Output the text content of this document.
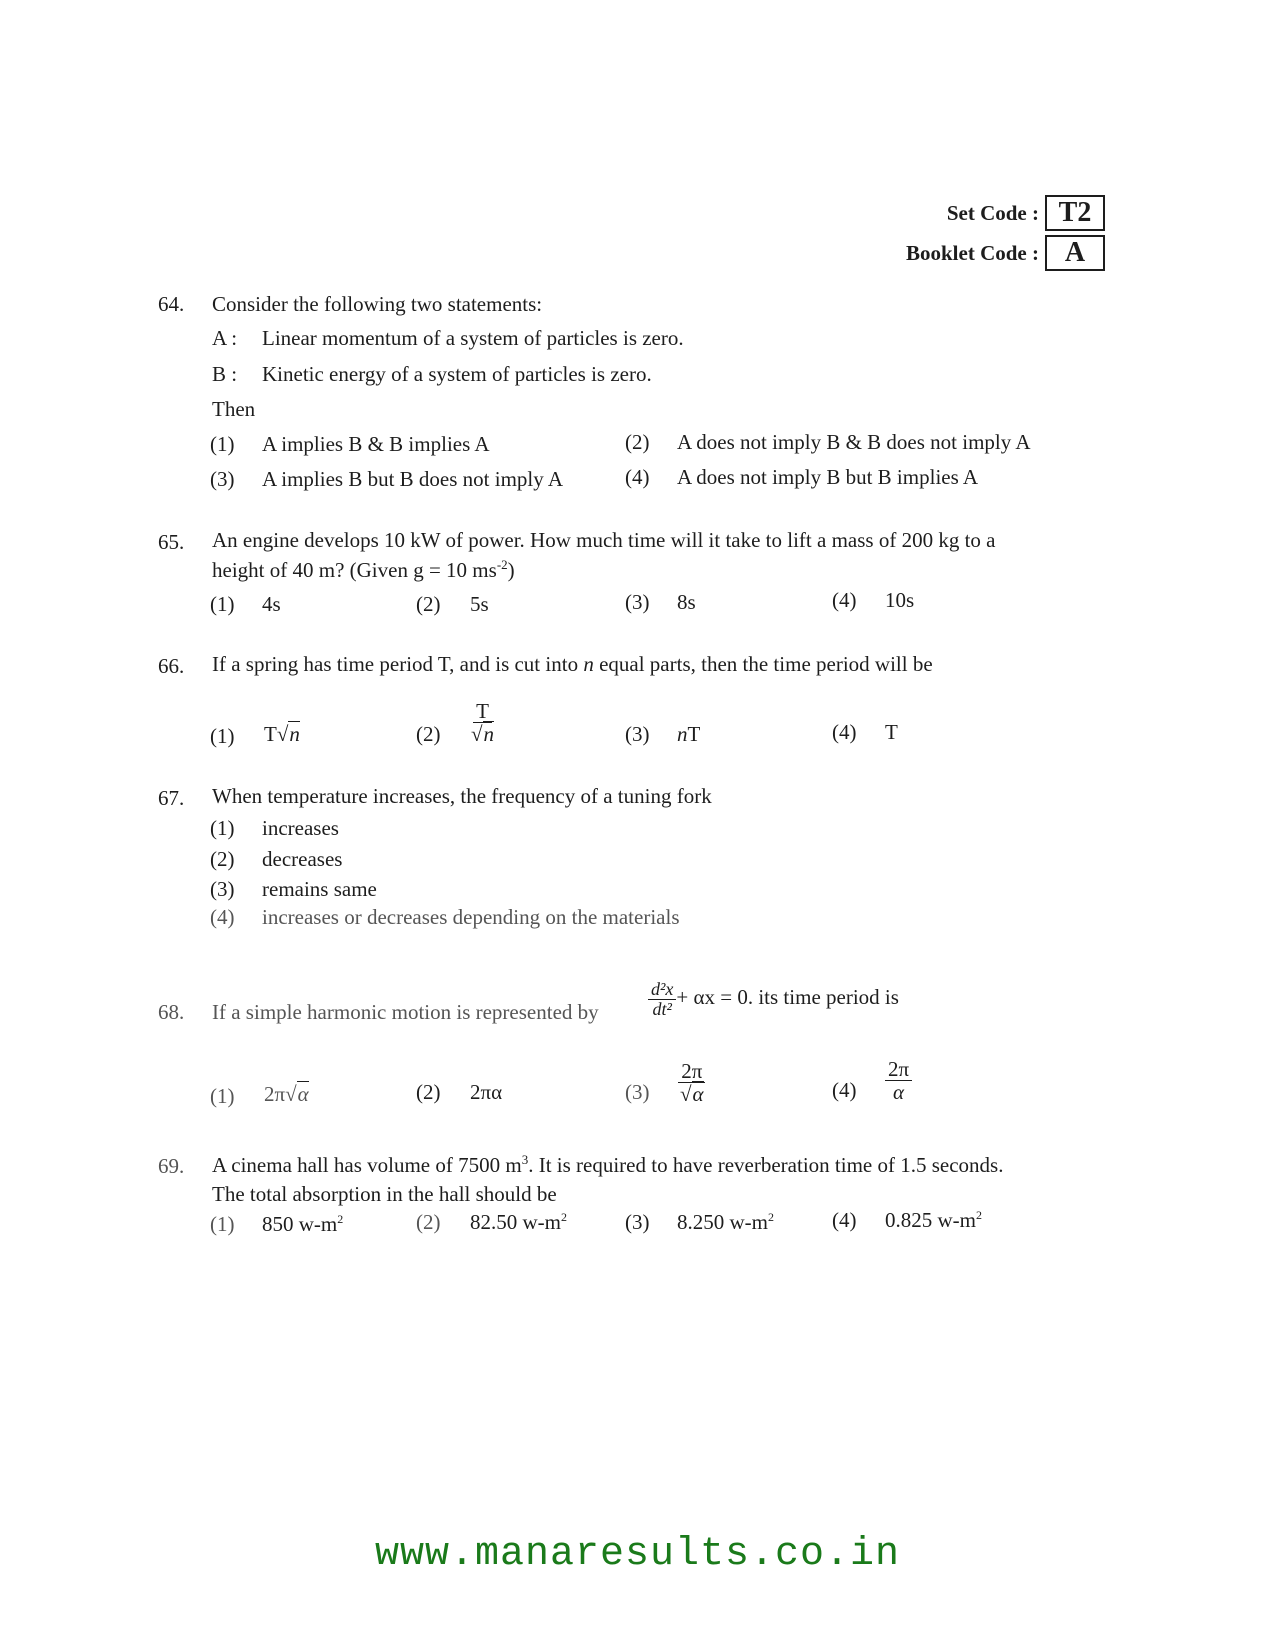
Set Code : T2
Booklet Code : A
64. Consider the following two statements:
A : Linear momentum of a system of particles is zero.
B : Kinetic energy of a system of particles is zero.
Then
(1) A implies B & B implies A	(2) A does not imply B & B does not imply A
(3) A implies B but B does not imply A	(4) A does not imply B but B implies A
65. An engine develops 10 kW of power. How much time will it take to lift a mass of 200 kg to a
height of 40 m? (Given g = 10 $ms^{-2}$)
(1) 4s	(2) 5s	(3) 8s	(4) 10s
66. If a spring has time period T, and is cut into n equal parts, then the time period will be
(1) T√n	$(2) \frac{T}{√n}$	(3) nT	(4) T
67. When temperature increases, the frequency of a tuning fork
(1) increases
(2) decreases
(3) remains same
(4) increases or decreases depending on the materials
68. If a simple harmonic motion is represented by	$\frac{\text{d²x}}{\text{dt²}} + \alpha x = 0$. its time period is
(1) 2π√α	(2) 2πα	$(3) \frac{2\pi}{√\alpha}$	$(4) \frac{2\pi}{\alpha}$
69. A cinema hall has volume of 7500 $m^3$. It is required to have reverberation time of 1.5 seconds.
The total absorption in the hall should be
(1) 850 $w-m^2$	(2) 82.50 $w-m^2$	(3) 8.250 $w-m^2$	(4) 0.825 $w-m^2$
www.manaresults.co.in
